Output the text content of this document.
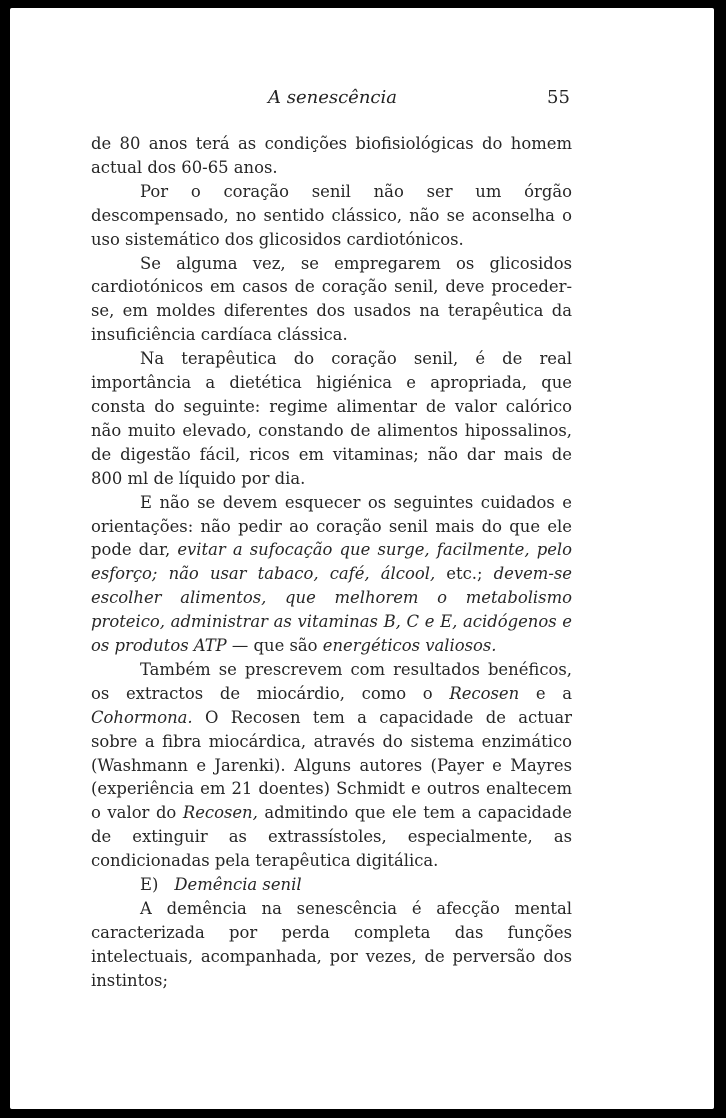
A senescência	55

de 80 anos terá as condições biofisiológicas do homem actual dos 60-65 anos.

Por o coração senil não ser um órgão descompensado, no sentido clássico, não se aconselha o uso sistemático dos glicosidos cardiotónicos.

Se alguma vez, se empregarem os glicosidos cardiotónicos em casos de coração senil, deve proceder-se, em moldes diferentes dos usados na terapêutica da insuficiência cardíaca clássica.

Na terapêutica do coração senil, é de real importância a dietética higiénica e apropriada, que consta do seguinte: regime alimentar de valor calórico não muito elevado, constando de alimentos hipossalinos, de digestão fácil, ricos em vitaminas; não dar mais de 800 ml de líquido por dia.

E não se devem esquecer os seguintes cuidados e orientações: não pedir ao coração senil mais do que ele pode dar, evitar a sufocação que surge, facilmente, pelo esforço; não usar tabaco, café, álcool, etc.; devem-se escolher alimentos, que melhorem o metabolismo proteico, administrar as vitaminas B, C e E, acidógenos e os produtos ATP — que são energéticos valiosos.

Também se prescrevem com resultados benéficos, os extractos de miocárdio, como o Recosen e a Cohormona. O Recosen tem a capacidade de actuar sobre a fibra miocárdica, através do sistema enzimático (Washmann e Jarenki). Alguns autores (Payer e Mayres (experiência em 21 doentes) Schmidt e outros enaltecem o valor do Recosen, admitindo que ele tem a capacidade de extinguir as extrassístoles, especialmente, as condicionadas pela terapêutica digitálica.

E) Demência senil

A demência na senescência é afecção mental caracterizada por perda completa das funções intelectuais, acompanhada, por vezes, de perversão dos instintos;
